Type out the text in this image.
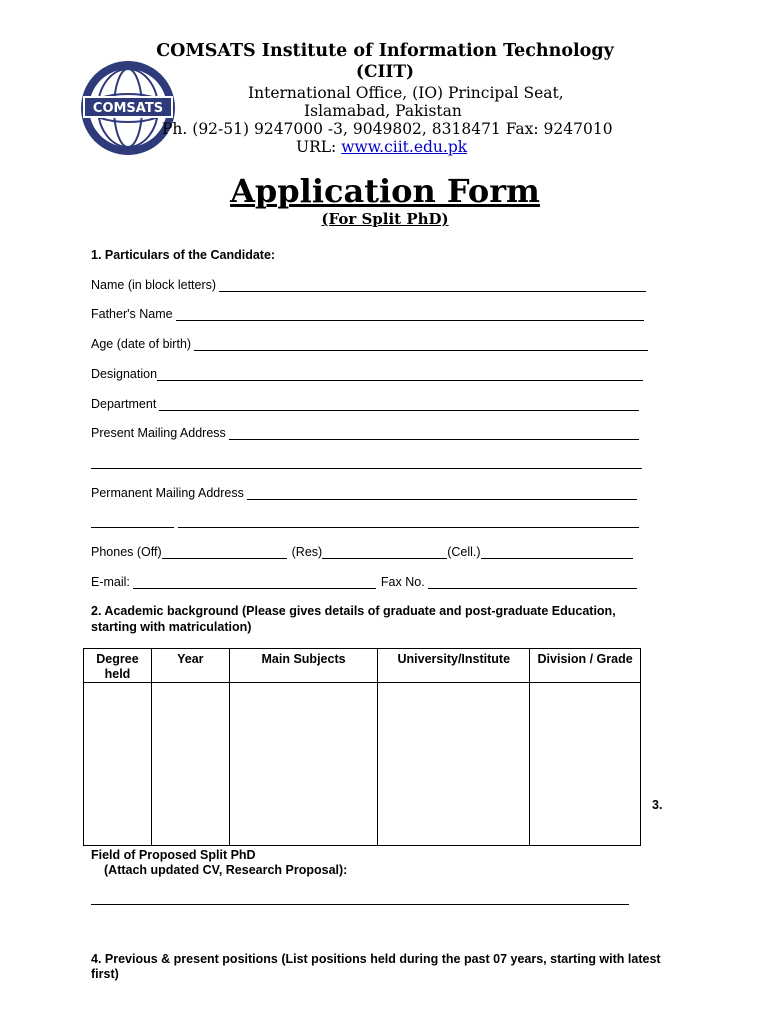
COMSATS
COMSATS Institute of Information Technology
(CIIT)
International Office, (IO) Principal Seat,
Islamabad, Pakistan
Ph. (92-51) 9247000 -3, 9049802, 8318471 Fax: 9247010
URL: www.ciit.edu.pk
Application Form
(For Split PhD)
1. Particulars of the Candidate:
Name (in block letters)
Father's Name
Age (date of birth)
Designation
Department
Present Mailing Address
Permanent Mailing Address
Phones (Off)	(Res)	(Cell.)
E-mail:	Fax No.
2. Academic background (Please gives details of graduate and post-graduate Education,
starting with matriculation)
Degree held	Year	Main Subjects	University/Institute	Division / Grade

3.
Field of Proposed Split PhD
(Attach updated CV, Research Proposal):
4. Previous & present positions (List positions held during the past 07 years, starting with latest
first)
